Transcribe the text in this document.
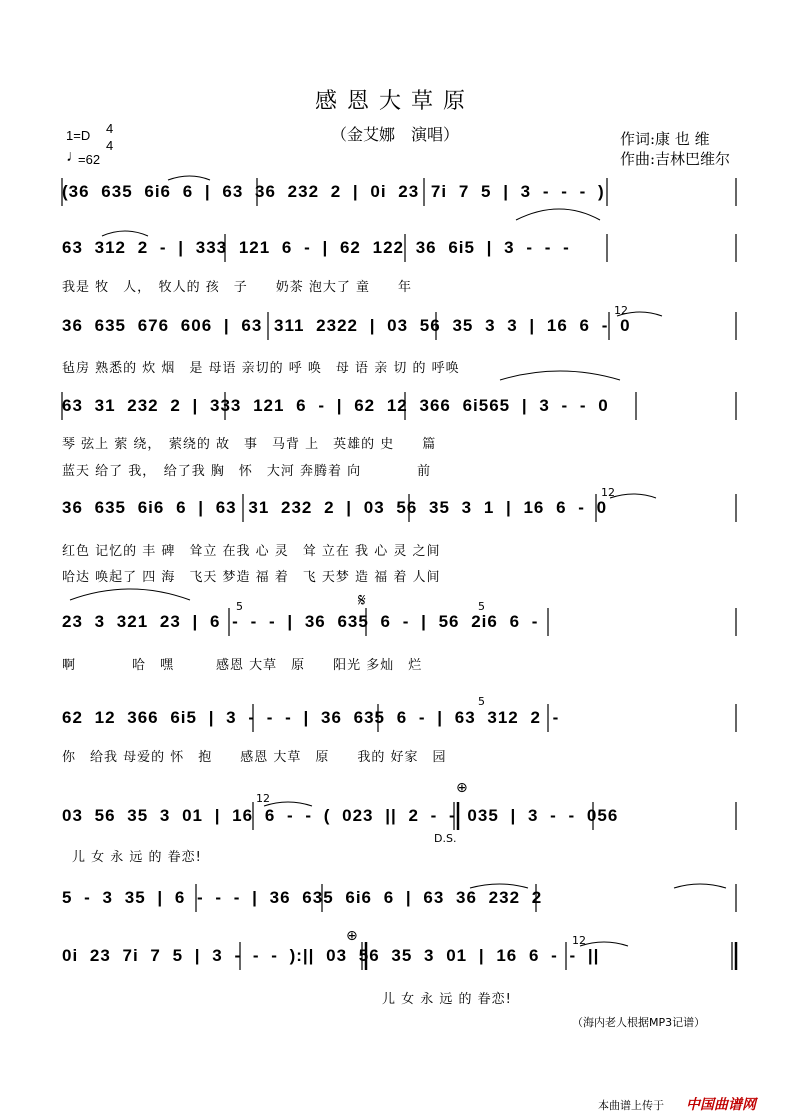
感恩大草原
（金艾娜　演唱）
1=D 4
4
♩
=62
作词:康 也 维
作曲:吉林巴维尔
(36 635 6i6 6 | 63 36 232 2 | 0i 23 7i 7 5 | 3 - - - )
63 312 2 - | 333 121 6 - | 62 122 36 6i5 | 3 - - -
我是 牧　人，　牧人的 孩　子　　奶茶 泡大了 童　　年
36 635 676 606 | 63 311 2322 | 03 56 35 3 3 | 16 6 - 0
12
毡房 熟悉的 炊 烟　是 母语 亲切的 呼 唤　母 语 亲 切 的 呼唤
63 31 232 2 | 333 121 6 - | 62 12 366 6i565 | 3 - - 0
琴 弦上 萦 绕，　萦绕的 故　事　马背 上　英雄的 史　　篇
蓝天 给了 我，　给了我 胸　怀　大河 奔腾着 向　　　　前
36 635 6i6 6 | 63 31 232 2 | 03 56 35 3 1 | 16 6 - 0
12
红色 记忆的 丰 碑　耸立 在我 心 灵　耸 立在 我 心 灵 之间
哈达 唤起了 四 海　飞天 梦造 福 着　飞 天梦 造 福 着 人间
23 3 321 23 | 6 - - - | 36 635 6 - | 56 2i6 6 -
5	𝄋	5
啊　　　　哈　嘿　　　感恩 大草　原　　阳光 多灿　烂
62 12 366 6i5 | 3 - - - | 36 635 6 - | 63 312 2 -
5
你　给我 母爱的 怀　抱　　感恩 大草　原　　我的 好家　园
03 56 35 3 01 | 16 6 - - ( 023 || 2 - - 035 | 3 - - 056
12
⊕
D.S.
儿 女 永 远 的 眷恋!
5 - 3 35 | 6 - - - | 36 635 6i6 6 | 63 36 232 2
0i 23 7i 7 5 | 3 - - - ):|| 03 56 35 3 01 | 16 6 - - ||
⊕	12
儿 女 永 远 的 眷恋!
（海内老人根据MP3记谱）
本曲谱上传于 中国曲谱网
